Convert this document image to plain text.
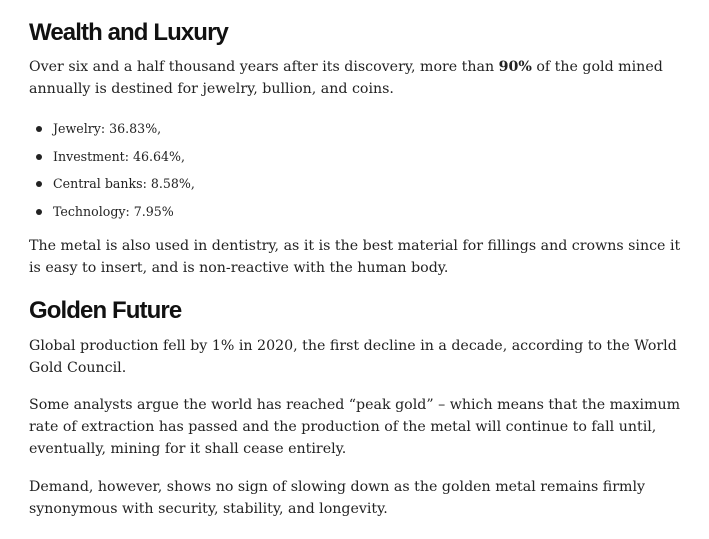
Wealth and Luxury

Over six and a half thousand years after its discovery, more than 90% of the gold mined annually is destined for jewelry, bullion, and coins.

Jewelry: 36.83%,
Investment: 46.64%,
Central banks: 8.58%,
Technology: 7.95%

The metal is also used in dentistry, as it is the best material for fillings and crowns since it is easy to insert, and is non-reactive with the human body.

Golden Future

Global production fell by 1% in 2020, the first decline in a decade, according to the World Gold Council.

Some analysts argue the world has reached “peak gold” – which means that the maximum rate of extraction has passed and the production of the metal will continue to fall until, eventually, mining for it shall cease entirely.

Demand, however, shows no sign of slowing down as the golden metal remains firmly synonymous with security, stability, and longevity.
